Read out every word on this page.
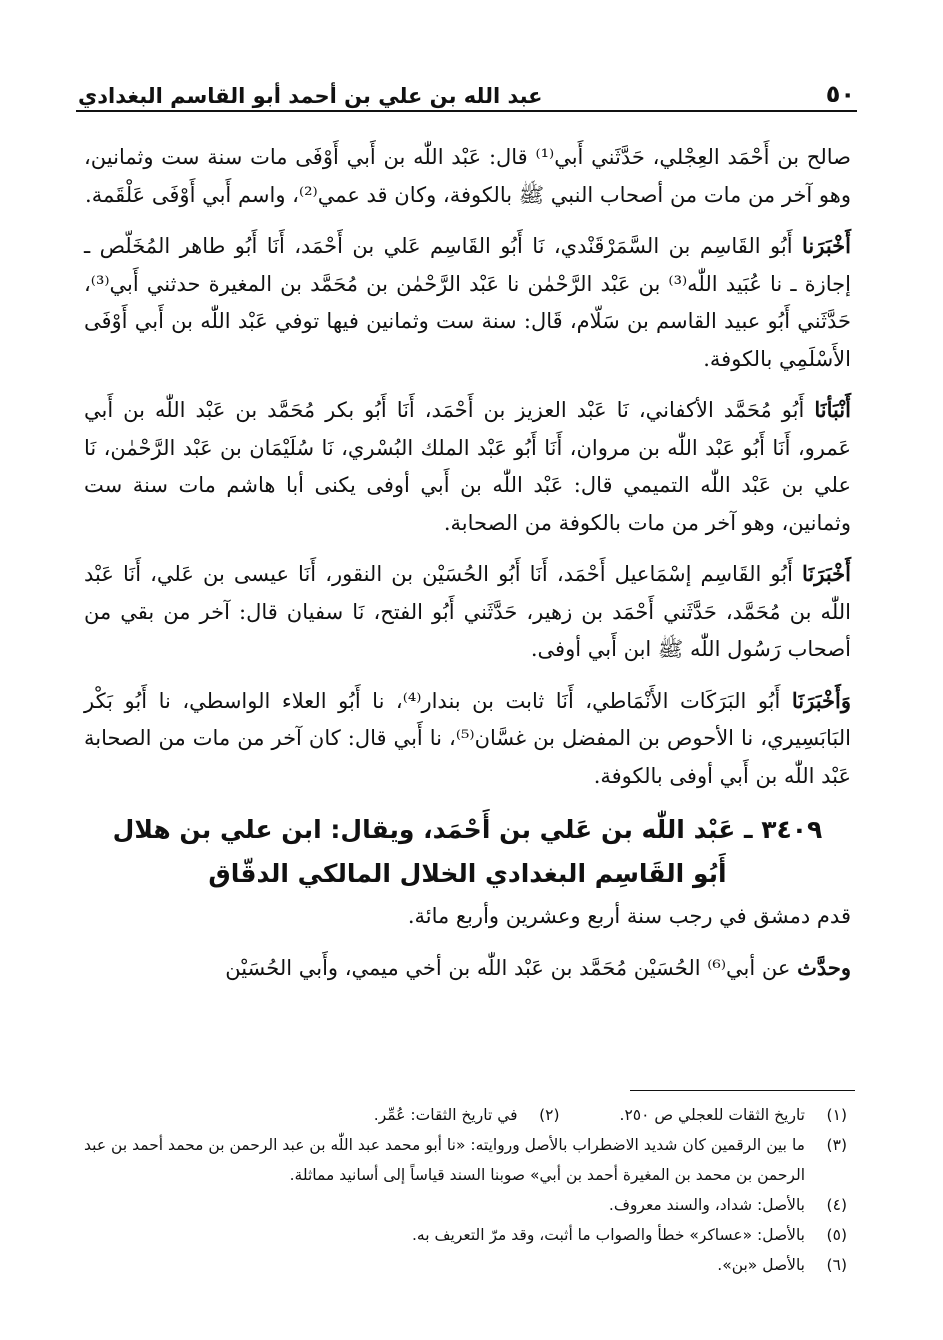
٥٠
عبد الله بن علي بن أحمد أبو القاسم البغدادي

صالح بن أَحْمَد العِجْلي، حَدَّثَني أَبي⁽¹⁾ قال: عَبْد اللّٰه بن أَبي أَوْفَى مات سنة ست وثمانين، وهو آخر من مات من أصحاب النبي ﷺ بالكوفة، وكان قد عمي⁽²⁾، واسم أَبي أَوْفَى عَلْقَمة.

أَخْبَرَنا أَبُو القَاسِم بن السَّمَرْقَنْدي، نَا أَبُو القَاسِم عَلي بن أَحْمَد، أَنَا أَبُو طاهر المُخَلّص ـ إجازة ـ نا عُبَيد اللّٰه⁽³⁾ بن عَبْد الرَّحْمٰن نا عَبْد الرَّحْمٰن بن مُحَمَّد بن المغيرة حدثني أَبي⁽³⁾، حَدَّثَني أَبُو عبيد القاسم بن سَلّام، قَال: سنة ست وثمانين فيها توفي عَبْد اللّٰه بن أَبي أَوْفَى الأَسْلَمِي بالكوفة.

أَنْبَأنَا أَبُو مُحَمَّد الأكفاني، نَا عَبْد العزيز بن أَحْمَد، أَنَا أَبُو بكر مُحَمَّد بن عَبْد اللّٰه بن أَبي عَمرو، أَنَا أَبُو عَبْد اللّٰه بن مروان، أَنَا أَبُو عَبْد الملك البُسْري، نَا سُلَيْمَان بن عَبْد الرَّحْمٰن، نَا علي بن عَبْد اللّٰه التميمي قال: عَبْد اللّٰه بن أَبي أوفى يكنى أبا هاشم مات سنة ست وثمانين، وهو آخر من مات بالكوفة من الصحابة.

أَخْبَرَنَا أَبُو القَاسِم إسْمَاعيل أَحْمَد، أَنَا أَبُو الحُسَيْن بن النقور، أَنَا عيسى بن عَلي، أَنَا عَبْد اللّٰه بن مُحَمَّد، حَدَّثَني أَحْمَد بن زهير، حَدَّثَني أَبُو الفتح، نَا سفيان قال: آخر من بقي من أصحاب رَسُول اللّٰه ﷺ ابن أَبي أوفى.

وَأَخْبَرَنَا أَبُو البَرَكَات الأَنْمَاطي، أَنَا ثابت بن بندار⁽⁴⁾، نا أَبُو العلاء الواسطي، نا أَبُو بَكْر البَابَسِيري، نا الأحوص بن المفضل بن غسَّان⁽⁵⁾، نا أَبي قال: كان آخر من مات من الصحابة عَبْد اللّٰه بن أَبي أوفى بالكوفة.

٣٤٠٩ ـ عَبْد اللّٰه بن عَلي بن أَحْمَد، ويقال: ابن علي بن هلال
أَبُو القَاسِم البغدادي الخلال المالكي الدقّاق

قدم دمشق في رجب سنة أربع وعشرين وأربع مائة.

وحدَّث عن أبي⁽⁶⁾ الحُسَيْن مُحَمَّد بن عَبْد اللّٰه بن أخي ميمي، وأَبي الحُسَيْن

(١)
تاريخ الثقات للعجلي ص ٢٥٠.
(٢)
في تاريخ الثقات: عُمِّر.
(٣)
ما بين الرقمين كان شديد الاضطراب بالأصل وروايته: «نا أبو محمد عبد اللّٰه بن عبد الرحمن بن محمد أحمد بن عبد الرحمن بن محمد بن المغيرة أحمد بن أبي» صوبنا السند قياساً إلى أسانيد مماثلة.
(٤)
بالأصل: شداد، والسند معروف.
(٥)
بالأصل: «عساكر» خطأ والصواب ما أثبت، وقد مرّ التعريف به.
(٦)
بالأصل «بن».
